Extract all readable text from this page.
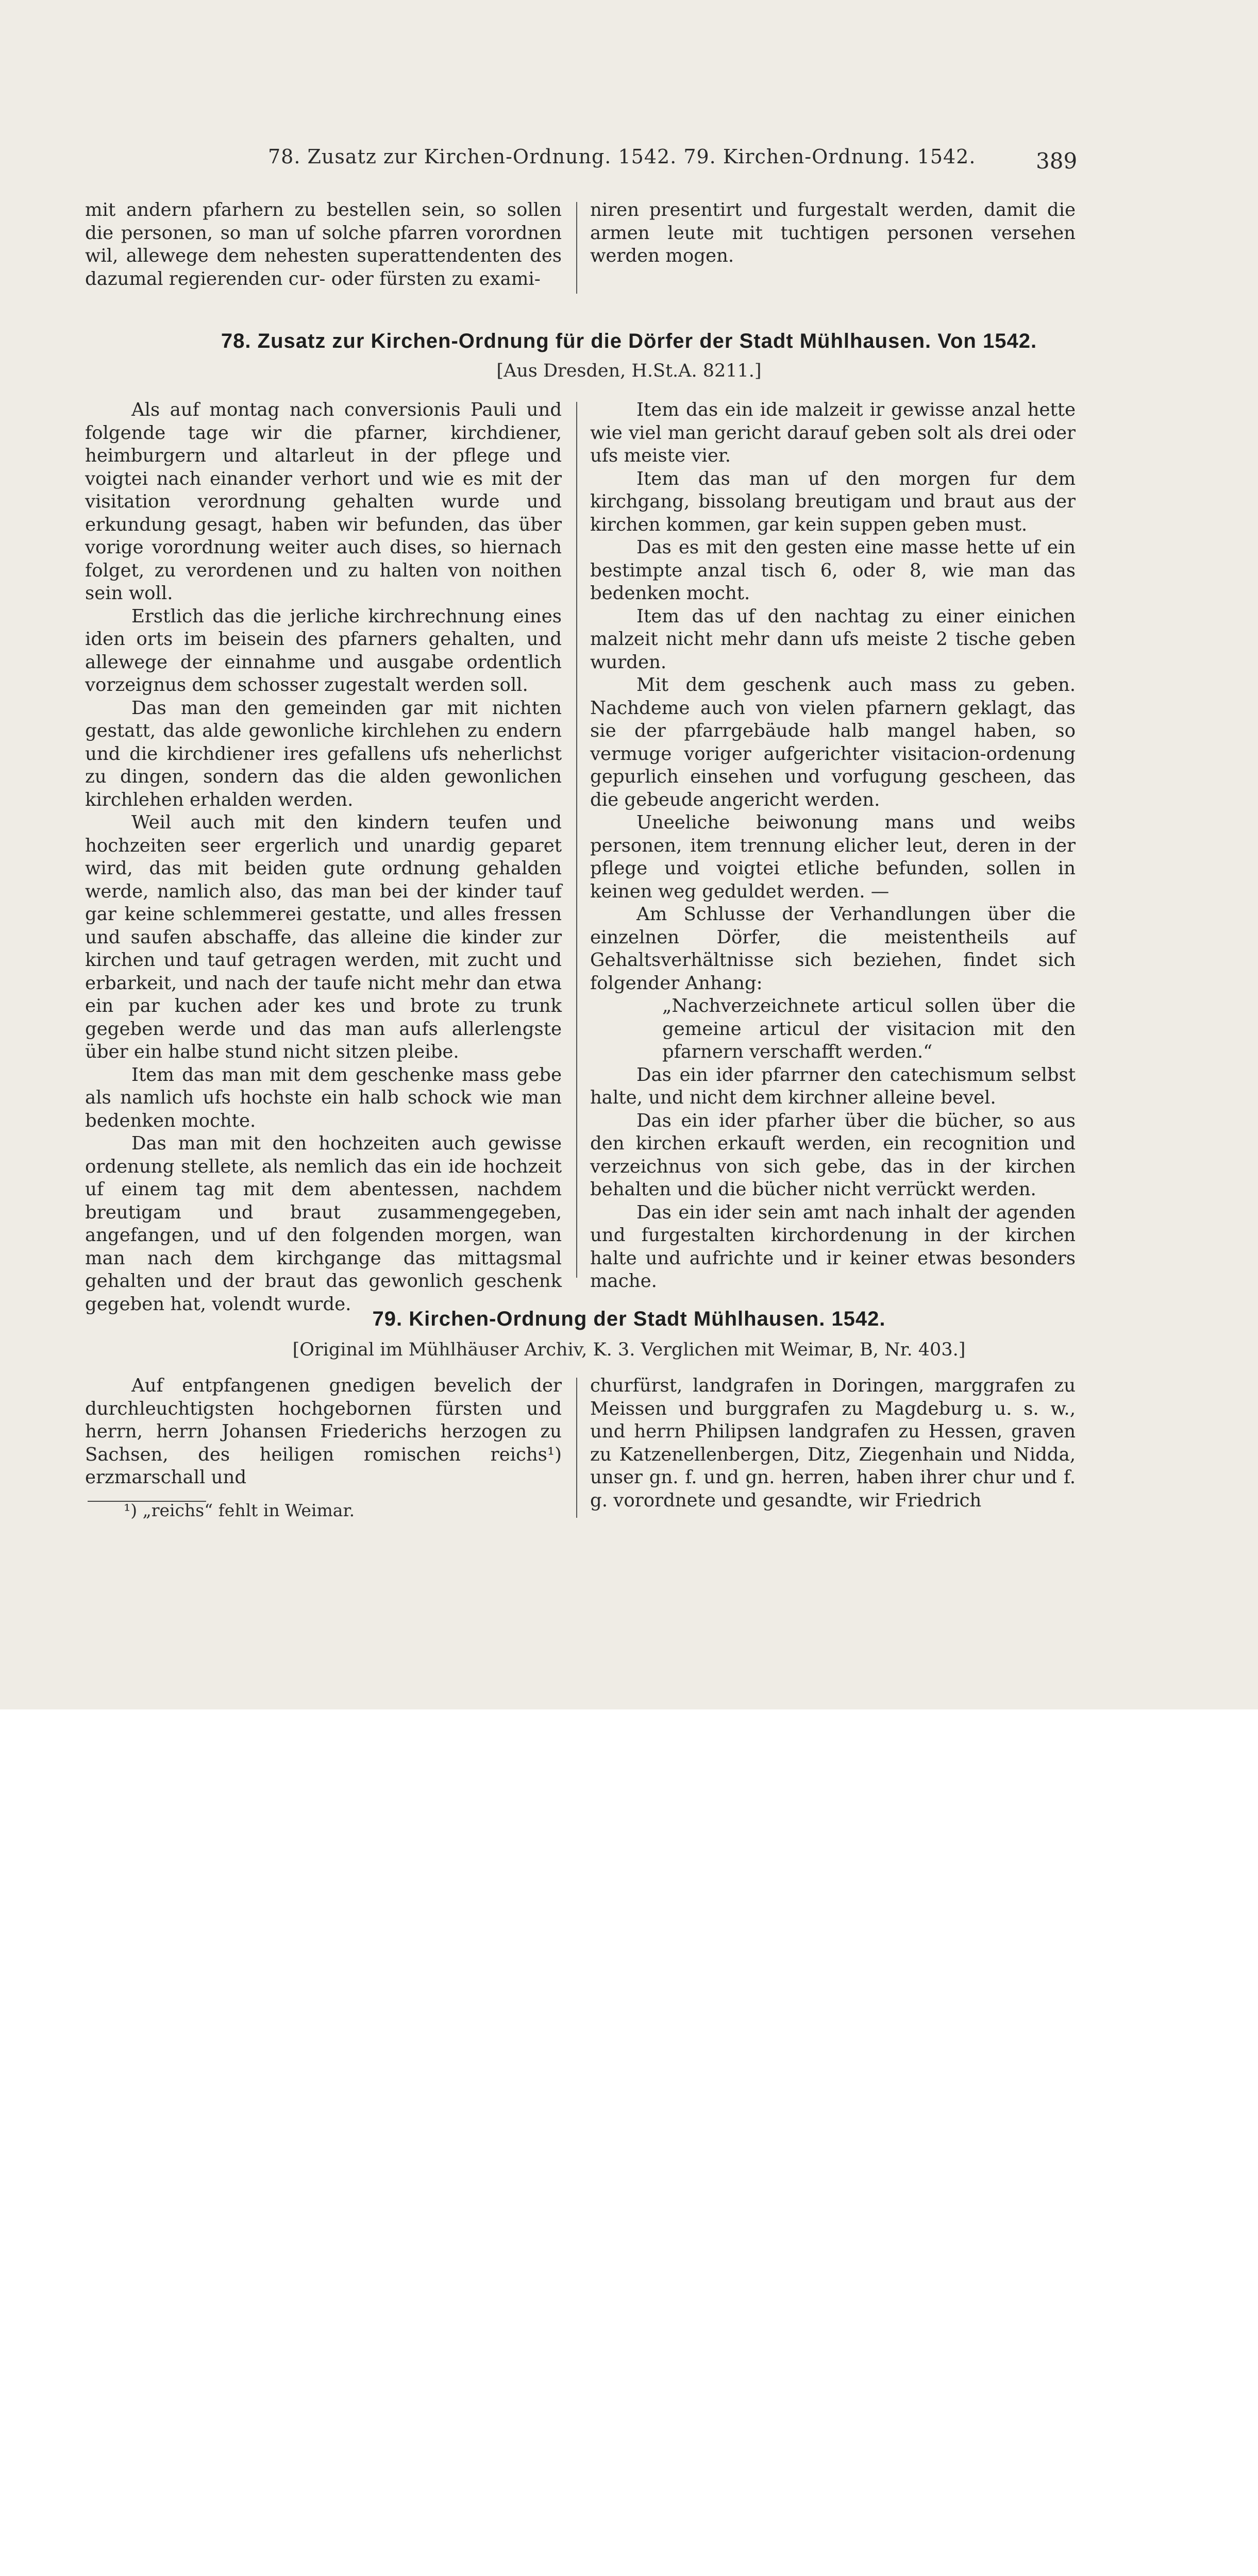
78. Zusatz zur Kirchen-Ordnung. 1542. 79. Kirchen-Ordnung. 1542.	389

mit andern pfarhern zu bestellen sein, so sollen die personen, so man uf solche pfarren vorordnen wil, allewege dem nehesten superattendenten des dazumal regierenden cur- oder fürsten zu exami-

niren presentirt und furgestalt werden, damit die armen leute mit tuchtigen personen versehen werden mogen.

78. Zusatz zur Kirchen-Ordnung für die Dörfer der Stadt Mühlhausen. Von 1542.
[Aus Dresden, H.St.A. 8211.]

Als auf montag nach conversionis Pauli und folgende tage wir die pfarner, kirchdiener, heimburgern und altarleut in der pflege und voigtei nach einander verhort und wie es mit der visitation verordnung gehalten wurde und erkundung gesagt, haben wir befunden, das über vorige vorordnung weiter auch dises, so hiernach folget, zu verordenen und zu halten von noithen sein woll.

Erstlich das die jerliche kirchrechnung eines iden orts im beisein des pfarners gehalten, und allewege der einnahme und ausgabe ordentlich vorzeignus dem schosser zugestalt werden soll.

Das man den gemeinden gar mit nichten gestatt, das alde gewonliche kirchlehen zu endern und die kirchdiener ires gefallens ufs neherlichst zu dingen, sondern das die alden gewonlichen kirchlehen erhalden werden.

Weil auch mit den kindern teufen und hochzeiten seer ergerlich und unardig geparet wird, das mit beiden gute ordnung gehalden werde, namlich also, das man bei der kinder tauf gar keine schlemmerei gestatte, und alles fressen und saufen abschaffe, das alleine die kinder zur kirchen und tauf getragen werden, mit zucht und erbarkeit, und nach der taufe nicht mehr dan etwa ein par kuchen ader kes und brote zu trunk gegeben werde und das man aufs allerlengste über ein halbe stund nicht sitzen pleibe.

Item das man mit dem geschenke mass gebe als namlich ufs hochste ein halb schock wie man bedenken mochte.

Das man mit den hochzeiten auch gewisse ordenung stellete, als nemlich das ein ide hochzeit uf einem tag mit dem abentessen, nachdem breutigam und braut zusammengegeben, angefangen, und uf den folgenden morgen, wan man nach dem kirchgange das mittagsmal gehalten und der braut das gewonlich geschenk gegeben hat, volendt wurde.

Item das ein ide malzeit ir gewisse anzal hette wie viel man gericht darauf geben solt als drei oder ufs meiste vier.

Item das man uf den morgen fur dem kirchgang, bissolang breutigam und braut aus der kirchen kommen, gar kein suppen geben must.

Das es mit den gesten eine masse hette uf ein bestimpte anzal tisch 6, oder 8, wie man das bedenken mocht.

Item das uf den nachtag zu einer einichen malzeit nicht mehr dann ufs meiste 2 tische geben wurden.

Mit dem geschenk auch mass zu geben. Nachdeme auch von vielen pfarnern geklagt, das sie der pfarrgebäude halb mangel haben, so vermuge voriger aufgerichter visitacion-ordenung gepurlich einsehen und vorfugung gescheen, das die gebeude angericht werden.

Uneeliche beiwonung mans und weibs personen, item trennung elicher leut, deren in der pflege und voigtei etliche befunden, sollen in keinen weg geduldet werden. —

Am Schlusse der Verhandlungen über die einzelnen Dörfer, die meistentheils auf Gehaltsverhältnisse sich beziehen, findet sich folgender Anhang:

„Nachverzeichnete articul sollen über die gemeine articul der visitacion mit den pfarnern verschafft werden.“

Das ein ider pfarrner den catechismum selbst halte, und nicht dem kirchner alleine bevel.

Das ein ider pfarher über die bücher, so aus den kirchen erkauft werden, ein recognition und verzeichnus von sich gebe, das in der kirchen behalten und die bücher nicht verrückt werden.

Das ein ider sein amt nach inhalt der agenden und furgestalten kirchordenung in der kirchen halte und aufrichte und ir keiner etwas besonders mache.

79. Kirchen-Ordnung der Stadt Mühlhausen. 1542.
[Original im Mühlhäuser Archiv, K. 3. Verglichen mit Weimar, B, Nr. 403.]

Auf entpfangenen gnedigen bevelich der durchleuchtigsten hochgebornen fürsten und herrn, herrn Johansen Friederichs herzogen zu Sachsen, des heiligen romischen reichs¹) erzmarschall und

churfürst, landgrafen in Doringen, marggrafen zu Meissen und burggrafen zu Magdeburg u. s. w., und herrn Philipsen landgrafen zu Hessen, graven zu Katzenellenbergen, Ditz, Ziegenhain und Nidda, unser gn. f. und gn. herren, haben ihrer chur und f. g. vorordnete und gesandte, wir Friedrich

¹) „reichs“ fehlt in Weimar.
